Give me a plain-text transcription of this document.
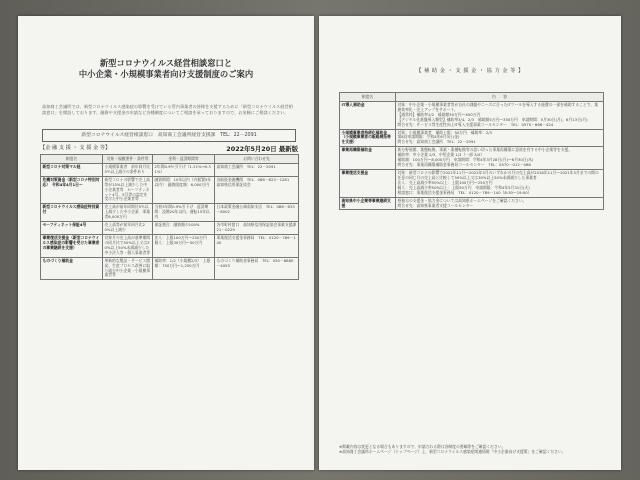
新型コロナウイルス経営相談窓口と
中小企業・小規模事業者向け支援制度のご案内
高知商工会議所では、新型コロナウイルス感染症の影響を受けている管内事業者の皆様を支援するために「新型コロナウイルス経営相談窓口」を開設しております。融資や支援金の申請など各種制度についてご相談を承っておりますので、お気軽にご相談ください。
新型コロナウイルス経営相談窓口　高知商工会議所経営支援課　TEL：22－2091
【金 融 支 援 ・ 支 援 金 等】	2022年5月20日 最新版
制度名	対象・規模要件・条件等	金利・返済期間等	お問い合わせ先
新型コロナ対策マル経	小規模事業者　前年同月比5％以上減少の条件あり	2年間0.9％引下げ（1.21%→0.31%）	高知商工会議所　TEL：22－2091
危機対策資金（新型コロナ特別対応）　令和4年4月1日～	新型コロナの影響で売上高等が15%以上減少した中小企業者等　セーフティネット4号、5号等の認定を受けた中小企業者等	融資期間：10年以内（内据置5年以内）　融資限度額：6,000万円	各取扱金融機関　TEL：088－823－1281　高知県信用保証協会
新型コロナウイルス感染症特別貸付	売上高が前年同期比5％以上減少した中小企業　事業者6,000万円	当初3年間0.9%引下げ　返済期間：設備20年以内、運転15年以内	日本政策金融公庫高知支店　TEL：086－833－8002
セーフティネット保証4号	売上高等が前年同月比20%以上減少	保証割合：融資額の100%	各市町村窓口　高知県信用保証協会事業支援課　21－0229
事業復活支援金（新型コロナウイルス感染症の影響を受けた事業者の事業継続を支援）	対象月の売上高が基準期間の同月比で50%以上又は30%以上50%未満減少した中小法人等・個人事業者等	法人：上限100万円～250万円　個人：上限30万円～50万円	事業復活支援金事務局　TEL：0120－789－140
ものづくり補助金	革新的な製品・サービス開発、生産プロセス改善に取り組む中小企業・小規模事業者等	補助率：1/2（小規模2/3）　上限額：750万円～1,250万円	ものづくり補助金事務局　TEL：050－8880－4053
【 補 助 金 ・ 支 援 金 ・ 協 力 金 等 】
制度名	内　　容
IT導入補助金	対象：中小企業・小規模事業者等が自社の課題やニーズに合ったITツールを導入する経費の一部を補助することで、業務効率化・売上アップをサポート。
【通常枠】補助率1/2　補助額30万円～450万円
【デジタル化基盤導入類型】補助率3/4、2/3　補助額5万円～350万円　申請期間：5月30日(月)、6月13日(月)
問合せ先：サービス等生産性向上IT導入支援事業コールセンター　TEL：0570－666－424
小規模事業者持続化補助金（小規模事業者の販路開拓等を支援）	対象：小規模事業者　補助上限：50万円　補助率：2/3
第8回申請期限：令和4年6月3日(金)
問合せ先：高知商工会議所　TEL：22－2091
事業再構築補助金	新分野展開、業態転換、事業・業種転換等の思い切った事業再構築に意欲を有する中小企業等を支援。
補助率：中小企業 2/3、中堅企業 1/2（一部 3/4）
補助額：100万円～8,000万円　申請期間：令和4年3月28日(月)～6月30日(木)
問合せ先：事業再構築補助金事務局コールセンター　TEL：0570－012－088
事業復活支援金	対象：新型コロナの影響で2021年11月～2022年3月のいずれかの月の売上高が2018年11月～2021年3月までの間の任意の同じ月の売上高と比較して50%以上又は30%以上50%未満減少した事業者
法人：売上高減少率50%以上：上限100万円～250万円
個人：売上高減少率50%以上：上限50万円　申請期限：令和4年5月31日(火)
相談窓口：事業復活支援金事務局　TEL：0120－789－140（8:30～19:00）
高知県中小企業等事業継続支援	県独自の支援金・協力金については高知県ホームページをご確認ください。
問合せ先：高知県事業者支援コールセンター
※掲載内容は変更となる場合もありますので、申請される際は各制度の要綱等をご確認ください。
※高知商工会議所ホームページ（トップページ）上、新型コロナウイルス感染症関連情報「中小企業向け支援策」をご確認ください。
